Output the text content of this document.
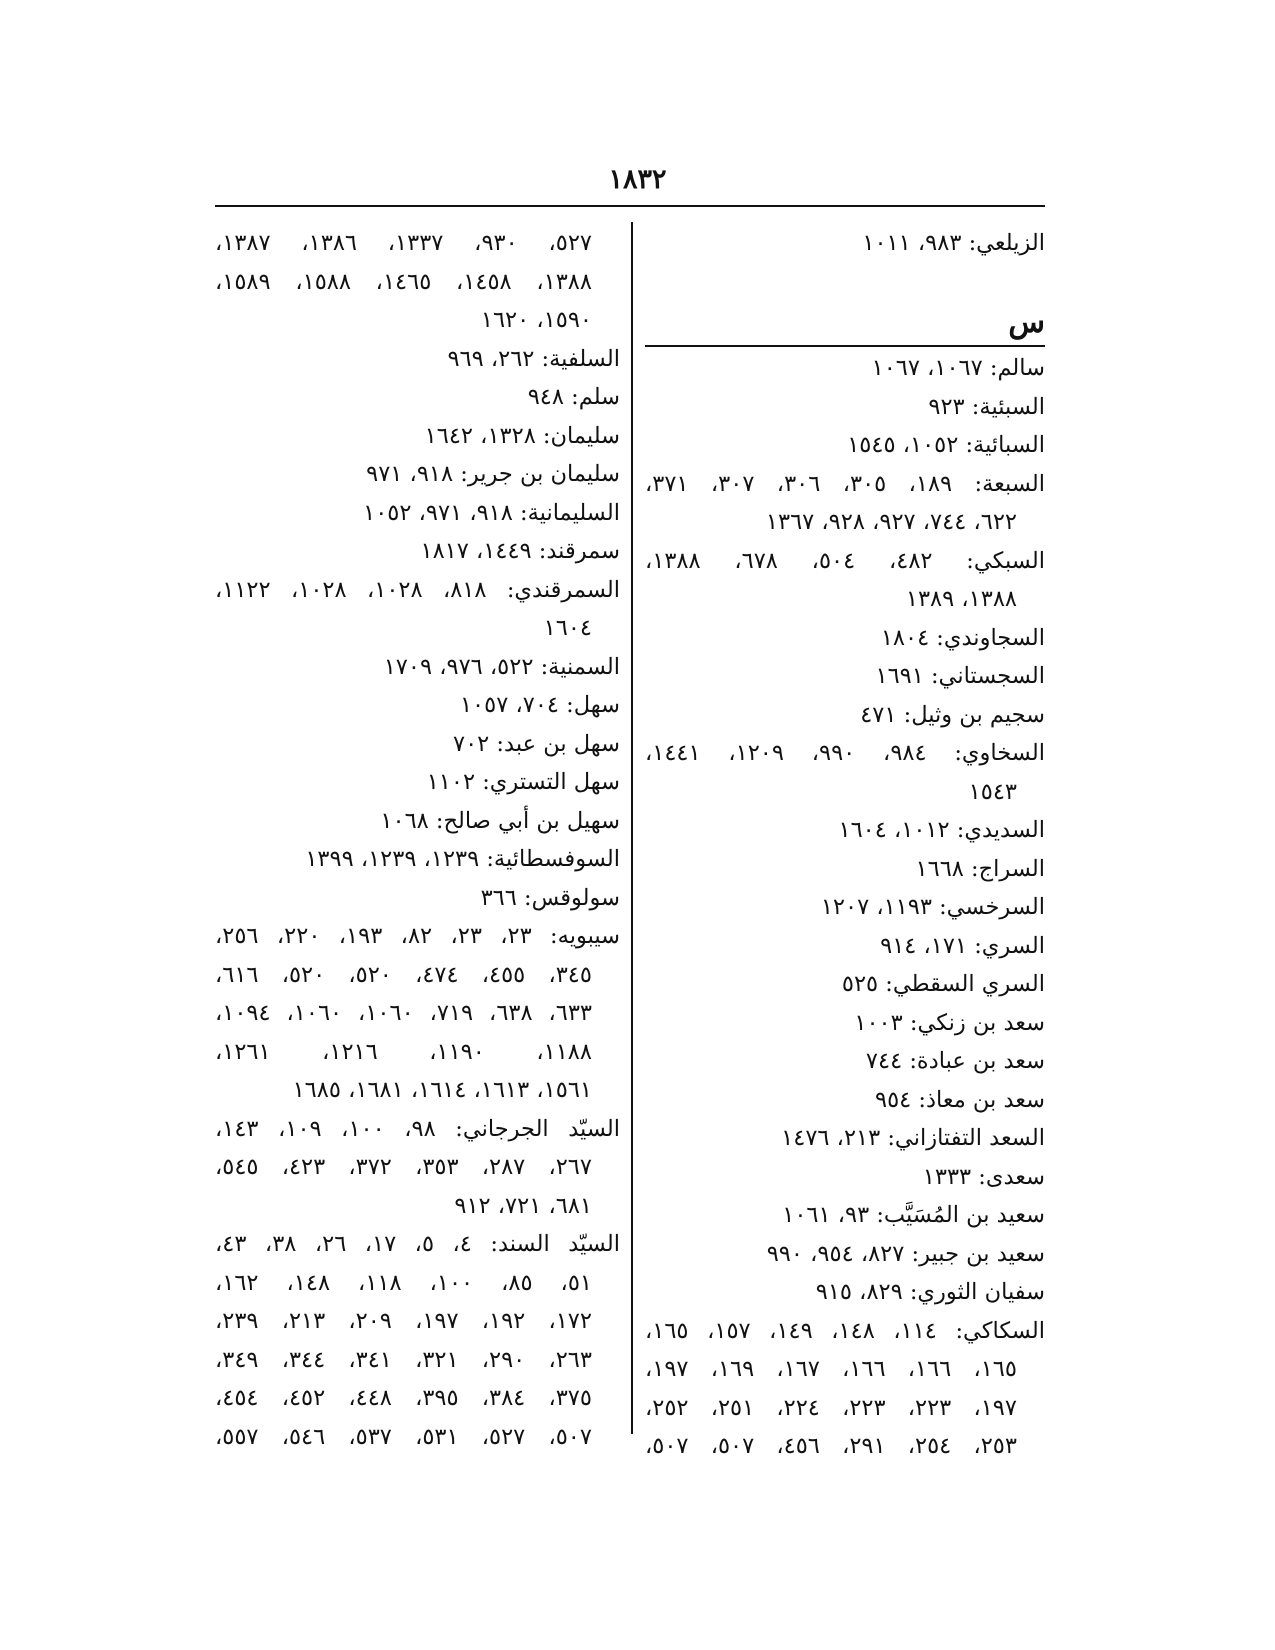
١٨٣٢
الزيلعي: ٩٨٣، ١٠١١
س
سالم: ١٠٦٧، ١٠٦٧
السبئية: ٩٢٣
السبائية: ١٠٥٢، ١٥٤٥
السبعة: ١٨٩، ٣٠٥، ٣٠٦، ٣٠٧، ٣٧١،
٦٢٢، ٧٤٤، ٩٢٧، ٩٢٨، ١٣٦٧
السبكي: ٤٨٢، ٥٠٤، ٦٧٨، ١٣٨٨،
١٣٨٨، ١٣٨٩
السجاوندي: ١٨٠٤
السجستاني: ١٦٩١
سجيم بن وثيل: ٤٧١
السخاوي: ٩٨٤، ٩٩٠، ١٢٠٩، ١٤٤١،
١٥٤٣
السديدي: ١٠١٢، ١٦٠٤
السراج: ١٦٦٨
السرخسي: ١١٩٣، ١٢٠٧
السري: ١٧١، ٩١٤
السري السقطي: ٥٢٥
سعد بن زنكي: ١٠٠٣
سعد بن عبادة: ٧٤٤
سعد بن معاذ: ٩٥٤
السعد التفتازاني: ٢١٣، ١٤٧٦
سعدى: ١٣٣٣
سعيد بن المُسَيَّب: ٩٣، ١٠٦١
سعيد بن جبير: ٨٢٧، ٩٥٤، ٩٩٠
سفيان الثوري: ٨٢٩، ٩١٥
السكاكي: ١١٤، ١٤٨، ١٤٩، ١٥٧، ١٦٥،
١٦٥، ١٦٦، ١٦٦، ١٦٧، ١٦٩، ١٩٧،
١٩٧، ٢٢٣، ٢٢٣، ٢٢٤، ٢٥١، ٢٥٢،
٢٥٣، ٢٥٤، ٢٩١، ٤٥٦، ٥٠٧، ٥٠٧،
٥٢٧، ٩٣٠، ١٣٣٧، ١٣٨٦، ١٣٨٧،
١٣٨٨، ١٤٥٨، ١٤٦٥، ١٥٨٨، ١٥٨٩،
١٥٩٠، ١٦٢٠
السلفية: ٢٦٢، ٩٦٩
سلم: ٩٤٨
سليمان: ١٣٢٨، ١٦٤٢
سليمان بن جرير: ٩١٨، ٩٧١
السليمانية: ٩١٨، ٩٧١، ١٠٥٢
سمرقند: ١٤٤٩، ١٨١٧
السمرقندي: ٨١٨، ١٠٢٨، ١٠٢٨، ١١٢٢،
١٦٠٤
السمنية: ٥٢٢، ٩٧٦، ١٧٠٩
سهل: ٧٠٤، ١٠٥٧
سهل بن عبد: ٧٠٢
سهل التستري: ١١٠٢
سهيل بن أبي صالح: ١٠٦٨
السوفسطائية: ١٢٣٩، ١٢٣٩، ١٣٩٩
سولوقس: ٣٦٦
سيبويه: ٢٣، ٢٣، ٨٢، ١٩٣، ٢٢٠، ٢٥٦،
٣٤٥، ٤٥٥، ٤٧٤، ٥٢٠، ٥٢٠، ٦١٦،
٦٣٣، ٦٣٨، ٧١٩، ١٠٦٠، ١٠٦٠، ١٠٩٤،
١١٨٨، ١١٩٠، ١٢١٦، ١٢٦١،
١٥٦١، ١٦١٣، ١٦١٤، ١٦٨١، ١٦٨٥
السيّد الجرجاني: ٩٨، ١٠٠، ١٠٩، ١٤٣،
٢٦٧، ٢٨٧، ٣٥٣، ٣٧٢، ٤٢٣، ٥٤٥،
٦٨١، ٧٢١، ٩١٢
السيّد السند: ٤، ٥، ١٧، ٢٦، ٣٨، ٤٣،
٥١، ٨٥، ١٠٠، ١١٨، ١٤٨، ١٦٢،
١٧٢، ١٩٢، ١٩٧، ٢٠٩، ٢١٣، ٢٣٩،
٢٦٣، ٢٩٠، ٣٢١، ٣٤١، ٣٤٤، ٣٤٩،
٣٧٥، ٣٨٤، ٣٩٥، ٤٤٨، ٤٥٢، ٤٥٤،
٥٠٧، ٥٢٧، ٥٣١، ٥٣٧، ٥٤٦، ٥٥٧،
